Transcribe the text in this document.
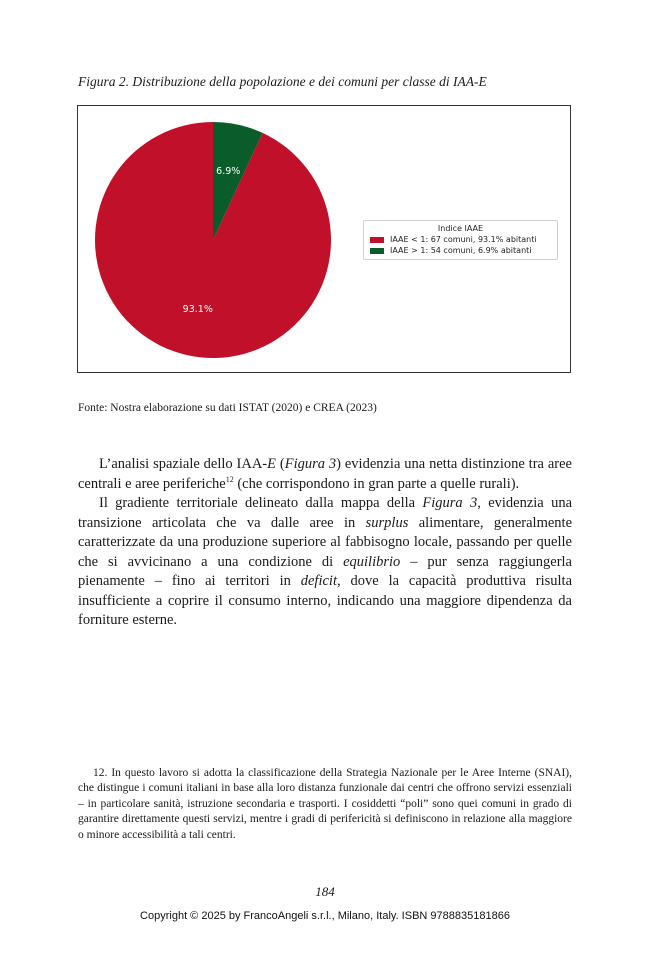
Figura 2. Distribuzione della popolazione e dei comuni per classe di IAA-E
93.1%
6.9%
Indice IAAE
IAAE < 1: 67 comuni, 93.1% abitanti
IAAE > 1: 54 comuni, 6.9% abitanti
Fonte: Nostra elaborazione su dati ISTAT (2020) e CREA (2023)

L’analisi spaziale dello IAA-E (Figura 3) evidenzia una netta distinzione tra aree centrali e aree periferiche$^{12}$ (che corrispondono in gran parte a quelle rurali).

Il gradiente territoriale delineato dalla mappa della Figura 3, evidenzia una transizione articolata che va dalle aree in surplus alimentare, generalmente caratterizzate da una produzione superiore al fabbisogno locale, passando per quelle che si avvicinano a una condizione di equilibrio – pur senza raggiungerla pienamente – fino ai territori in deficit, dove la capacità produttiva risulta insufficiente a coprire il consumo interno, indicando una maggiore dipendenza da forniture esterne.

12. In questo lavoro si adotta la classificazione della Strategia Nazionale per le Aree Interne (SNAI), che distingue i comuni italiani in base alla loro distanza funzionale dai centri che offrono servizi essenziali – in particolare sanità, istruzione secondaria e trasporti. I cosiddetti “poli” sono quei comuni in grado di garantire direttamente questi servizi, mentre i gradi di perifericità si definiscono in relazione alla maggiore o minore accessibilità a tali centri.

184
Copyright © 2025 by FrancoAngeli s.r.l., Milano, Italy. ISBN 9788835181866
